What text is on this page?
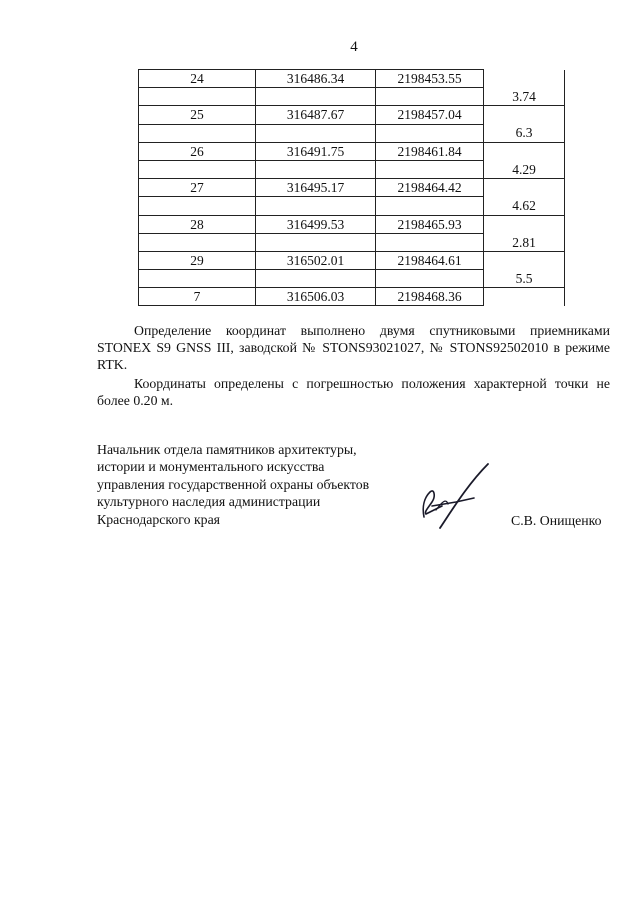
4
24	316486.34	2198453.55	
			3.74
25	316487.67	2198457.04	
			6.3
26	316491.75	2198461.84	
			4.29
27	316495.17	2198464.42	
			4.62
28	316499.53	2198465.93	
			2.81
29	316502.01	2198464.61	
			5.5
7	316506.03	2198468.36	
Определение координат выполнено двумя спутниковыми приемниками STONEX S9 GNSS III, заводской № STONS93021027, № STONS92502010 в режиме RTK.
Координаты определены с погрешностью положения характерной точки не более 0.20 м.
Начальник отдела памятников архитектуры,
истории и монументального искусства
управления государственной охраны объектов
культурного наследия администрации
Краснодарского края	С.В. Онищенко
